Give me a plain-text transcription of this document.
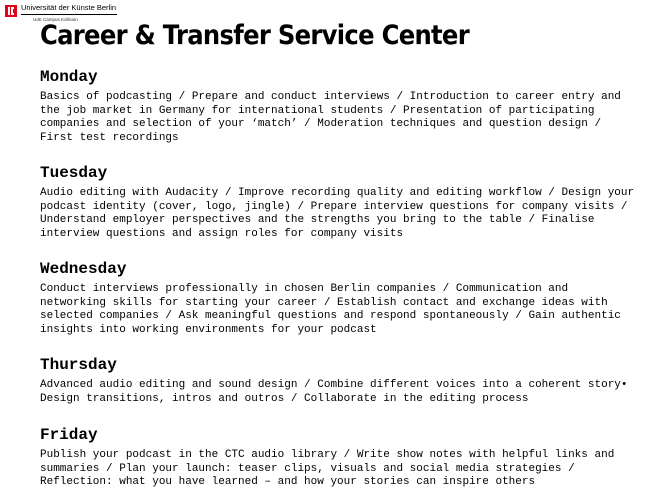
Universität der Künste Berlin
UdK Campus Kollision
Career & Transfer Service Center
Monday

Basics of podcasting / Prepare and conduct interviews / Introduction to career entry and
the job market in Germany for international students / Presentation of participating
companies and selection of your ‘match’ / Moderation techniques and question design /
First test recordings

Tuesday

Audio editing with Audacity / Improve recording quality and editing workflow / Design your
podcast identity (cover, logo, jingle) / Prepare interview questions for company visits /
Understand employer perspectives and the strengths you bring to the table / Finalise
interview questions and assign roles for company visits

Wednesday

Conduct interviews professionally in chosen Berlin companies / Communication and
networking skills for starting your career / Establish contact and exchange ideas with
selected companies / Ask meaningful questions and respond spontaneously / Gain authentic
insights into working environments for your podcast

Thursday

Advanced audio editing and sound design / Combine different voices into a coherent story•
Design transitions, intros and outros / Collaborate in the editing process

Friday

Publish your podcast in the CTC audio library / Write show notes with helpful links and
summaries / Plan your launch: teaser clips, visuals and social media strategies /
Reflection: what you have learned – and how your stories can inspire others
